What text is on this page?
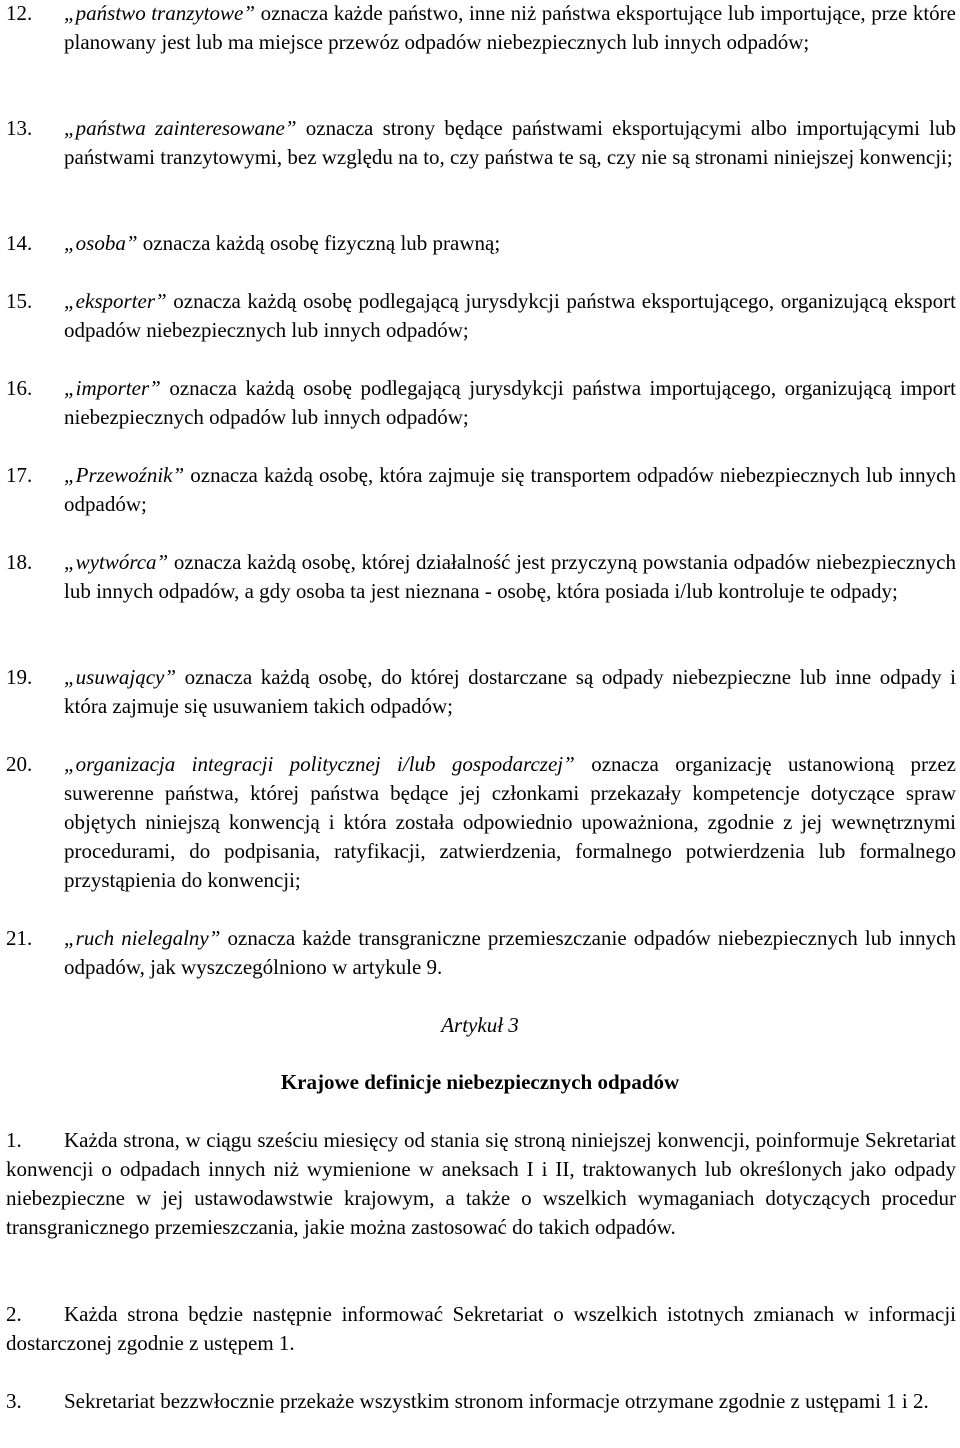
12. „państwo tranzytowe” oznacza każde państwo, inne niż państwa eksportujące lub importujące, prze które planowany jest lub ma miejsce przewóz odpadów niebezpiecznych lub innych odpadów;
13. „państwa zainteresowane” oznacza strony będące państwami eksportującymi albo importującymi lub państwami tranzytowymi, bez względu na to, czy państwa te są, czy nie są stronami niniejszej konwencji;
14. „osoba” oznacza każdą osobę fizyczną lub prawną;
15. „eksporter” oznacza każdą osobę podlegającą jurysdykcji państwa eksportującego, organizującą eksport odpadów niebezpiecznych lub innych odpadów;
16. „importer” oznacza każdą osobę podlegającą jurysdykcji państwa importującego, organizującą import niebezpiecznych odpadów lub innych odpadów;
17. „Przewoźnik” oznacza każdą osobę, która zajmuje się transportem odpadów niebezpiecznych lub innych odpadów;
18. „wytwórca” oznacza każdą osobę, której działalność jest przyczyną powstania odpadów niebezpiecznych lub innych odpadów, a gdy osoba ta jest nieznana - osobę, która posiada i/lub kontroluje te odpady;
19. „usuwający” oznacza każdą osobę, do której dostarczane są odpady niebezpieczne lub inne odpady i która zajmuje się usuwaniem takich odpadów;
20. „organizacja integracji politycznej i/lub gospodarczej” oznacza organizację ustanowioną przez suwerenne państwa, której państwa będące jej członkami przekazały kompetencje dotyczące spraw objętych niniejszą konwencją i która została odpowiednio upoważniona, zgodnie z jej wewnętrznymi procedurami, do podpisania, ratyfikacji, zatwierdzenia, formalnego potwierdzenia lub formalnego przystąpienia do konwencji;
21. „ruch nielegalny” oznacza każde transgraniczne przemieszczanie odpadów niebezpiecznych lub innych odpadów, jak wyszczególniono w artykule 9.
Artykuł 3
Krajowe definicje niebezpiecznych odpadów
1. Każda strona, w ciągu sześciu miesięcy od stania się stroną niniejszej konwencji, poinformuje Sekretariat konwencji o odpadach innych niż wymienione w aneksach I i II, traktowanych lub określonych jako odpady niebezpieczne w jej ustawodawstwie krajowym, a także o wszelkich wymaganiach dotyczących procedur transgranicznego przemieszczania, jakie można zastosować do takich odpadów.
2. Każda strona będzie następnie informować Sekretariat o wszelkich istotnych zmianach w informacji dostarczonej zgodnie z ustępem 1.
3. Sekretariat bezzwłocznie przekaże wszystkim stronom informacje otrzymane zgodnie z ustępami 1 i 2.
